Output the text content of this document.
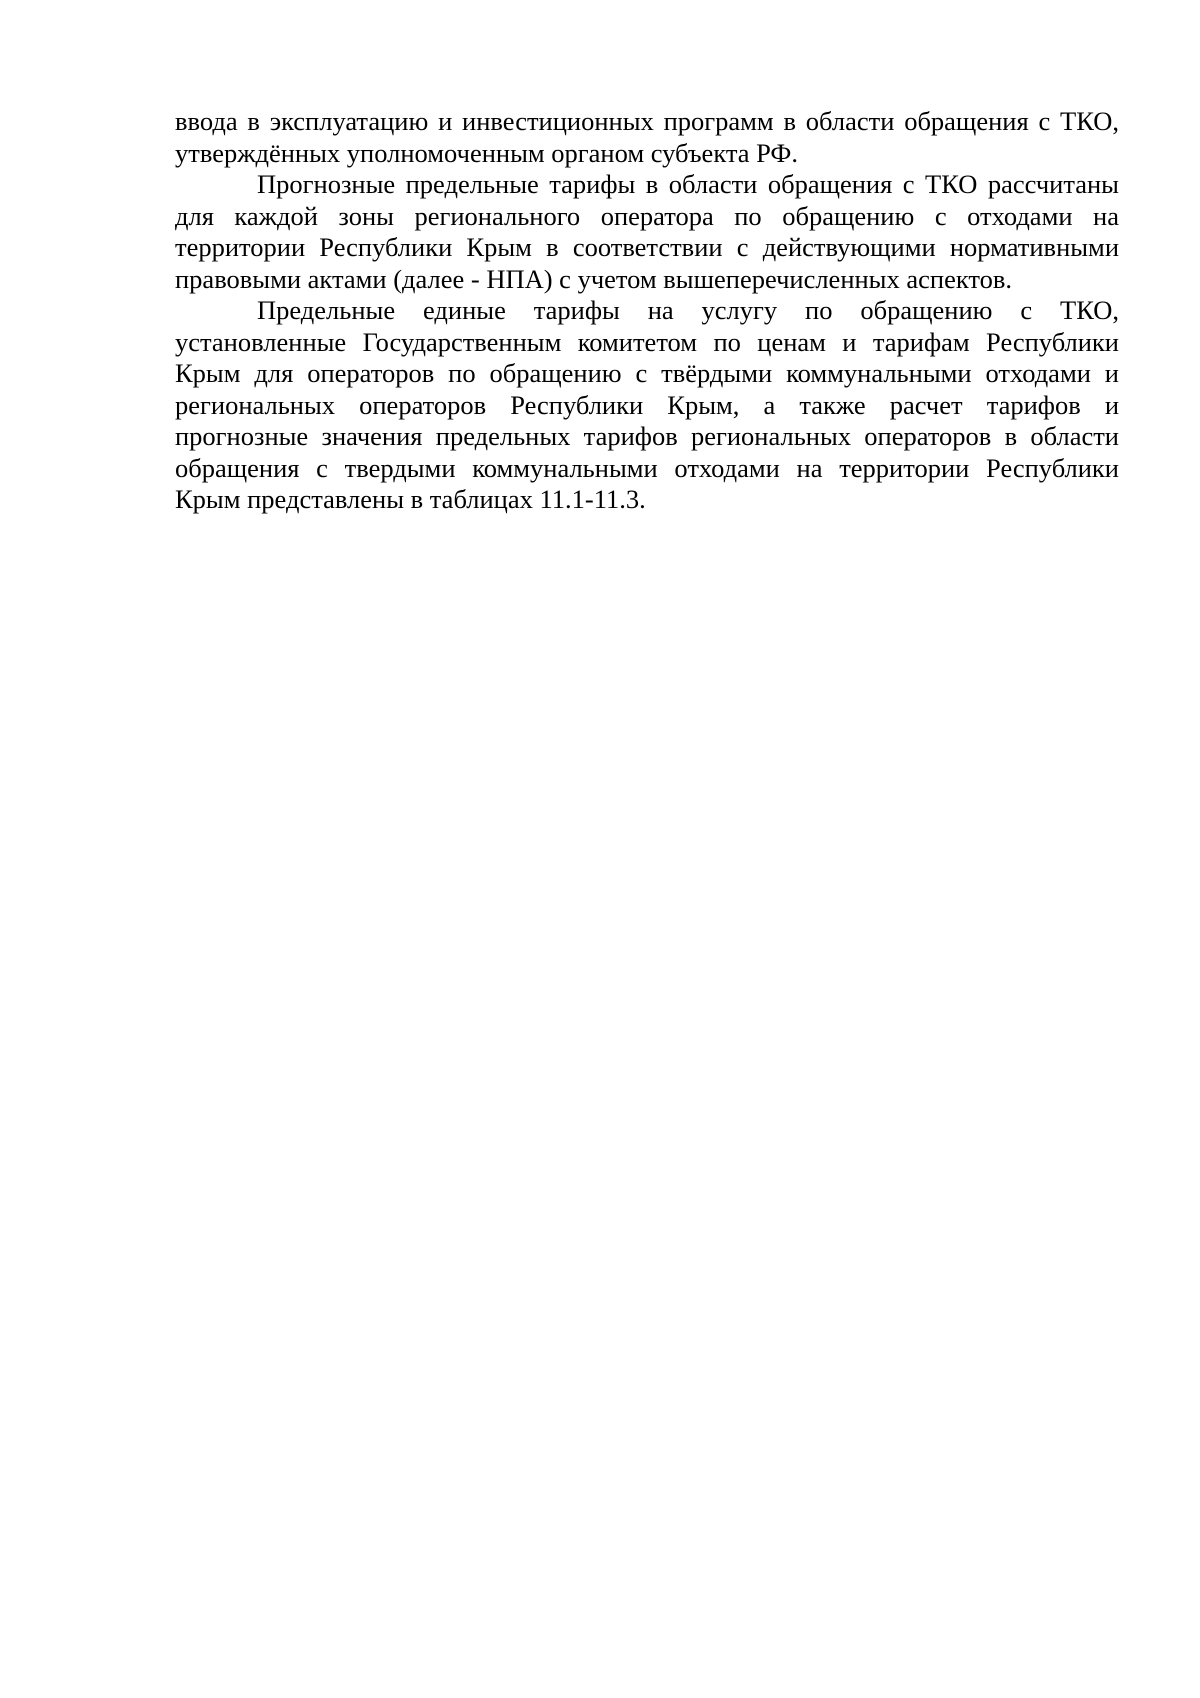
ввода в эксплуатацию и инвестиционных программ в области обращения с ТКО, утверждённых уполномоченным органом субъекта РФ.

Прогнозные предельные тарифы в области обращения с ТКО рассчитаны для каждой зоны регионального оператора по обращению с отходами на территории Республики Крым в соответствии с действующими нормативными правовыми актами (далее - НПА) с учетом вышеперечисленных аспектов.

Предельные единые тарифы на услугу по обращению с ТКО, установленные Государственным комитетом по ценам и тарифам Республики Крым для операторов по обращению с твёрдыми коммунальными отходами и региональных операторов Республики Крым, а также расчет тарифов и прогнозные значения предельных тарифов региональных операторов в области обращения с твердыми коммунальными отходами на территории Республики Крым представлены в таблицах 11.1-11.3.
